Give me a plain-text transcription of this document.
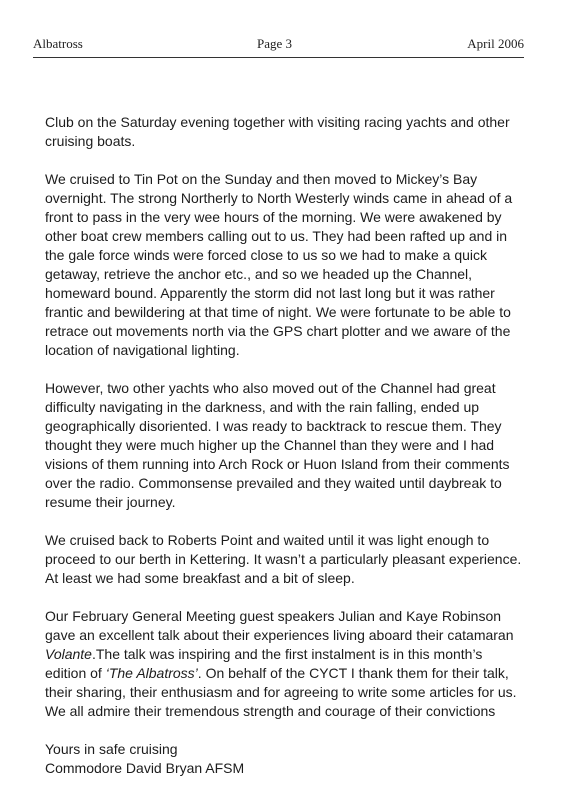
Albatross	Page 3	April 2006

Club on the Saturday evening together with visiting racing yachts and other cruising boats.

We cruised to Tin Pot on the Sunday and then moved to Mickey’s Bay overnight. The strong Northerly to North Westerly winds came in ahead of a front to pass in the very wee hours of the morning. We were awakened by other boat crew members calling out to us. They had been rafted up and in the gale force winds were forced close to us so we had to make a quick getaway, retrieve the anchor etc., and so we headed up the Channel, homeward bound. Apparently the storm did not last long but it was rather frantic and bewildering at that time of night. We were fortunate to be able to retrace out movements north via the GPS chart plotter and we aware of the location of navigational lighting.

However, two other yachts who also moved out of the Channel had great difficulty navigating in the darkness, and with the rain falling, ended up geographically disoriented. I was ready to backtrack to rescue them. They thought they were much higher up the Channel than they were and I had visions of them running into Arch Rock or Huon Island from their comments over the radio. Commonsense prevailed and they waited until daybreak to resume their journey.

We cruised back to Roberts Point and waited until it was light enough to proceed to our berth in Kettering. It wasn’t a particularly pleasant experience. At least we had some breakfast and a bit of sleep.

Our February General Meeting guest speakers Julian and Kaye Robinson gave an excellent talk about their experiences living aboard their catamaran Volante.The talk was inspiring and the first instalment is in this month’s edition of ‘The Albatross’. On behalf of the CYCT I thank them for their talk, their sharing, their enthusiasm and for agreeing to write some articles for us. We all admire their tremendous strength and courage of their convictions

Yours in safe cruising

Commodore David Bryan AFSM
